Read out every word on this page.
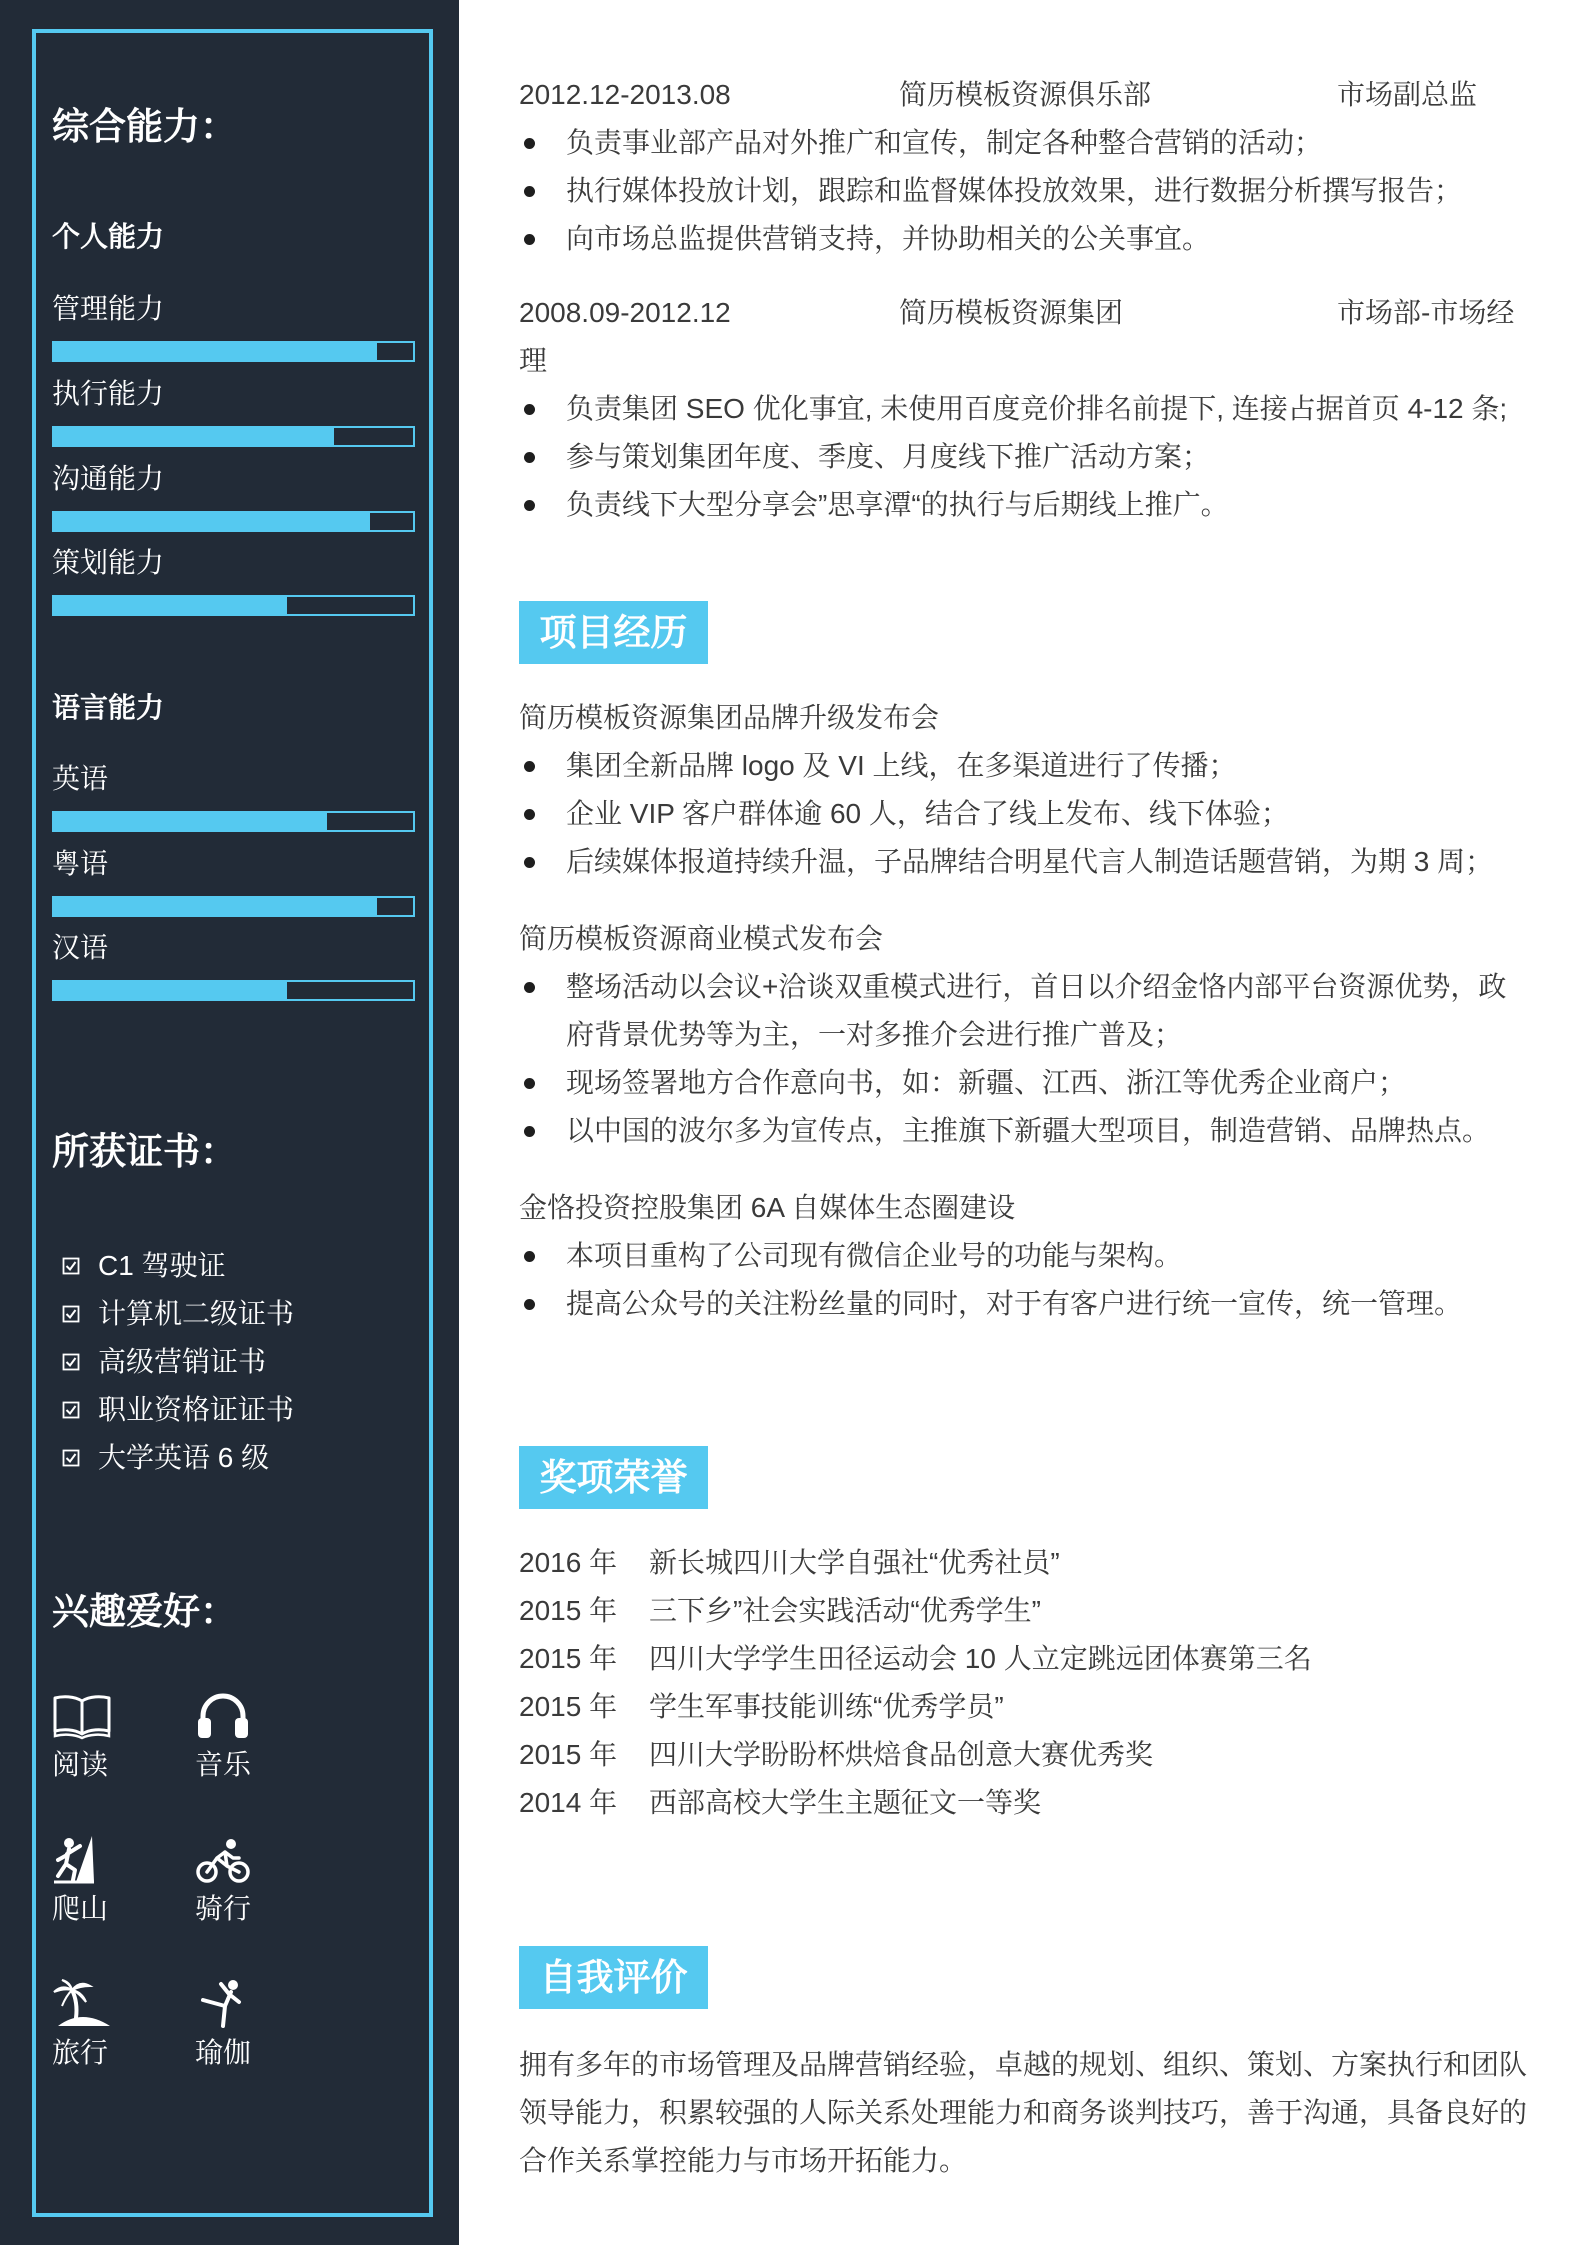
综合能力：
个人能力
管理能力
执行能力
沟通能力
策划能力
语言能力
英语
粤语
汉语
所获证书：
C1 驾驶证
计算机二级证书
高级营销证书
职业资格证证书
大学英语 6 级
兴趣爱好：
阅读	音乐
爬山	骑行
旅行	瑜伽

2012.12-2013.08	简历模板资源俱乐部	市场副总监

负责事业部产品对外推广和宣传，制定各种整合营销的活动；
执行媒体投放计划，跟踪和监督媒体投放效果，进行数据分析撰写报告；
向市场总监提供营销支持，并协助相关的公关事宜。

2008.09-2012.12	简历模板资源集团	市场部-市场经理

负责集团 SEO 优化事宜, 未使用百度竞价排名前提下, 连接占据首页 4-12 条;
参与策划集团年度、季度、月度线下推广活动方案；
负责线下大型分享会”思享潭“的执行与后期线上推广。
项目经历
简历模板资源集团品牌升级发布会
集团全新品牌 logo 及 VI 上线，在多渠道进行了传播；
企业 VIP 客户群体逾 60 人，结合了线上发布、线下体验；
后续媒体报道持续升温，子品牌结合明星代言人制造话题营销，为期 3 周；
简历模板资源商业模式发布会
整场活动以会议+洽谈双重模式进行，首日以介绍金恪内部平台资源优势，政府背景优势等为主，一对多推介会进行推广普及；
现场签署地方合作意向书，如：新疆、江西、浙江等优秀企业商户；
以中国的波尔多为宣传点，主推旗下新疆大型项目，制造营销、品牌热点。
金恪投资控股集团 6A 自媒体生态圈建设
本项目重构了公司现有微信企业号的功能与架构。
提高公众号的关注粉丝量的同时，对于有客户进行统一宣传，统一管理。
奖项荣誉
2016 年 新长城四川大学自强社“优秀社员”
2015 年 三下乡”社会实践活动“优秀学生”
2015 年 四川大学学生田径运动会 10 人立定跳远团体赛第三名
2015 年 学生军事技能训练“优秀学员”
2015 年 四川大学盼盼杯烘焙食品创意大赛优秀奖
2014 年 西部高校大学生主题征文一等奖
自我评价

拥有多年的市场管理及品牌营销经验，卓越的规划、组织、策划、方案执行和团队领导能力，积累较强的人际关系处理能力和商务谈判技巧，善于沟通，具备良好的合作关系掌控能力与市场开拓能力。
